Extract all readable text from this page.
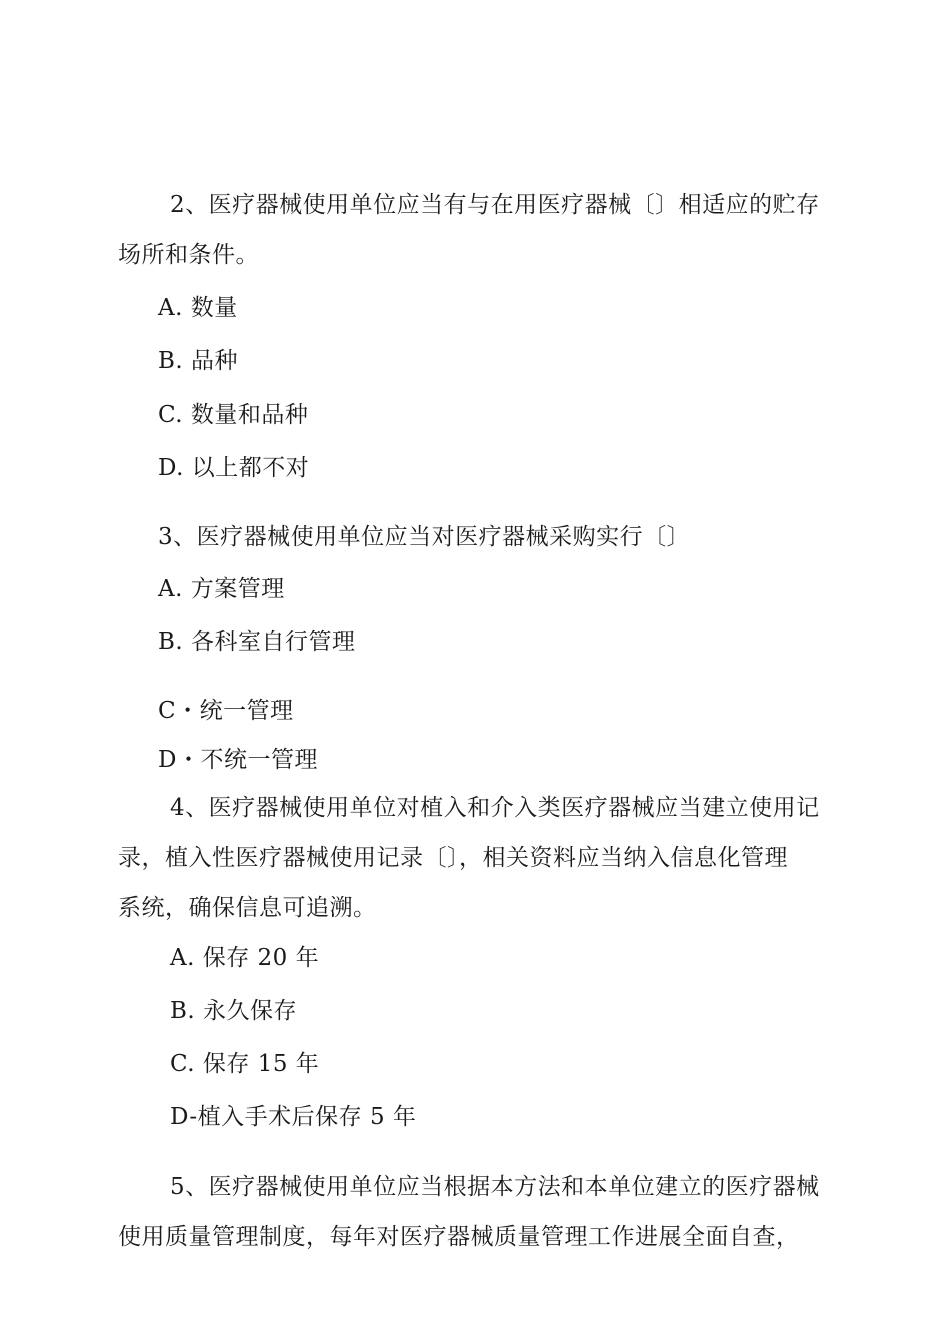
2、医疗器械使用单位应当有与在用医疗器械〔〕相适应的贮存
场所和条件。
A. 数量
B. 品种
C. 数量和品种
D. 以上都不对
3、医疗器械使用单位应当对医疗器械采购实行〔〕
A. 方案管理
B. 各科室自行管理
C・统一管理
D・不统一管理
4、医疗器械使用单位对植入和介入类医疗器械应当建立使用记
录，植入性医疗器械使用记录〔〕，相关资料应当纳入信息化管理
系统，确保信息可追溯。
A. 保存 20 年
B. 永久保存
C. 保存 15 年
D-植入手术后保存 5 年
5、医疗器械使用单位应当根据本方法和本单位建立的医疗器械
使用质量管理制度，每年对医疗器械质量管理工作进展全面自查，
